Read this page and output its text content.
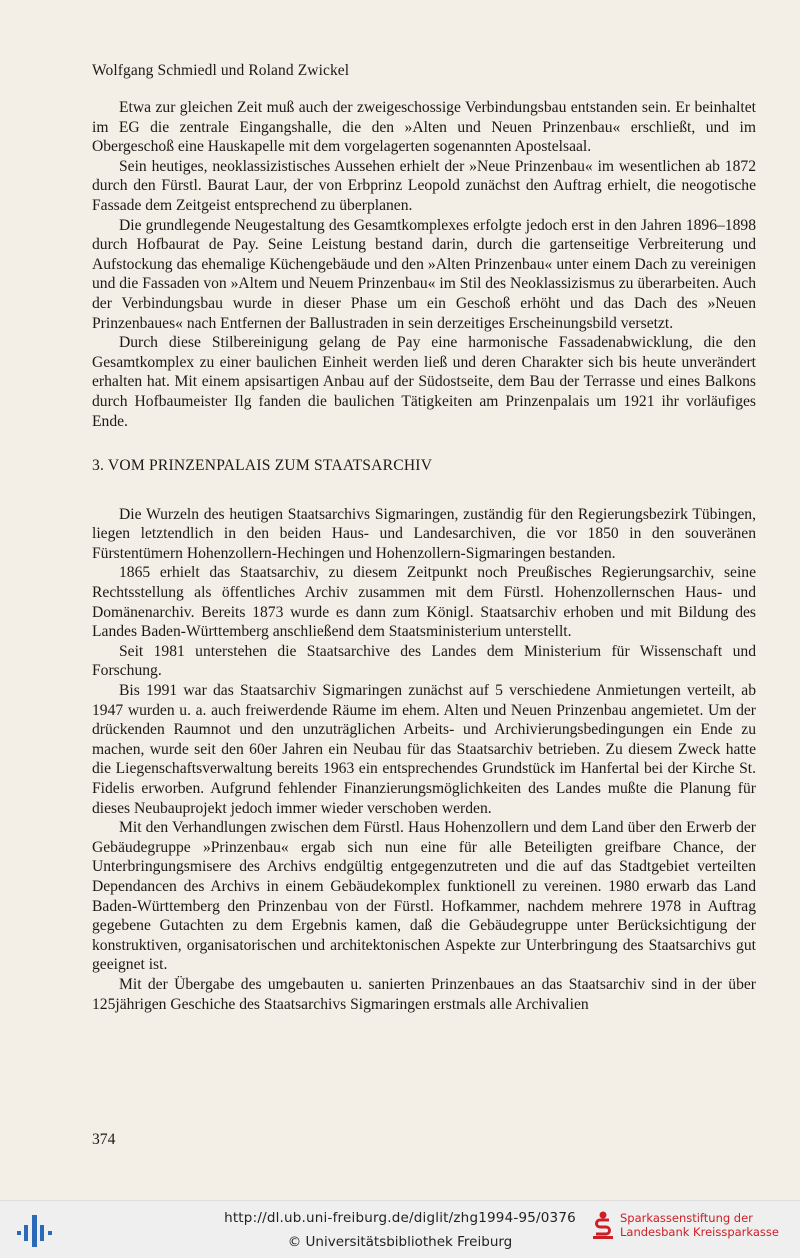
Wolfgang Schmiedl und Roland Zwickel

Etwa zur gleichen Zeit muß auch der zweigeschossige Verbindungsbau entstanden sein. Er beinhaltet im EG die zentrale Eingangshalle, die den »Alten und Neuen Prinzenbau« erschließt, und im Obergeschoß eine Hauskapelle mit dem vorgelagerten sogenannten Apostelsaal.

Sein heutiges, neoklassizistisches Aussehen erhielt der »Neue Prinzenbau« im wesentlichen ab 1872 durch den Fürstl. Baurat Laur, der von Erbprinz Leopold zunächst den Auftrag erhielt, die neogotische Fassade dem Zeitgeist entsprechend zu überplanen.

Die grundlegende Neugestaltung des Gesamtkomplexes erfolgte jedoch erst in den Jahren 1896–1898 durch Hofbaurat de Pay. Seine Leistung bestand darin, durch die gartenseitige Verbreiterung und Aufstockung das ehemalige Küchengebäude und den »Alten Prinzenbau« unter einem Dach zu vereinigen und die Fassaden von »Altem und Neuem Prinzenbau« im Stil des Neoklassizismus zu überarbeiten. Auch der Verbindungsbau wurde in dieser Phase um ein Geschoß erhöht und das Dach des »Neuen Prinzenbaues« nach Entfernen der Ballustraden in sein derzeitiges Erscheinungsbild versetzt.

Durch diese Stilbereinigung gelang de Pay eine harmonische Fassadenabwicklung, die den Gesamtkomplex zu einer baulichen Einheit werden ließ und deren Charakter sich bis heute unverändert erhalten hat. Mit einem apsisartigen Anbau auf der Südostseite, dem Bau der Terrasse und eines Balkons durch Hofbaumeister Ilg fanden die baulichen Tätigkeiten am Prinzenpalais um 1921 ihr vorläufiges Ende.

3. VOM PRINZENPALAIS ZUM STAATSARCHIV

Die Wurzeln des heutigen Staatsarchivs Sigmaringen, zuständig für den Regierungsbezirk Tübingen, liegen letztendlich in den beiden Haus- und Landesarchiven, die vor 1850 in den souveränen Fürstentümern Hohenzollern-Hechingen und Hohenzollern-Sigmaringen bestanden.

1865 erhielt das Staatsarchiv, zu diesem Zeitpunkt noch Preußisches Regierungsarchiv, seine Rechtsstellung als öffentliches Archiv zusammen mit dem Fürstl. Hohenzollernschen Haus- und Domänenarchiv. Bereits 1873 wurde es dann zum Königl. Staatsarchiv erhoben und mit Bildung des Landes Baden-Württemberg anschließend dem Staatsministerium unterstellt.

Seit 1981 unterstehen die Staatsarchive des Landes dem Ministerium für Wissenschaft und Forschung.

Bis 1991 war das Staatsarchiv Sigmaringen zunächst auf 5 verschiedene Anmietungen verteilt, ab 1947 wurden u. a. auch freiwerdende Räume im ehem. Alten und Neuen Prinzenbau angemietet. Um der drückenden Raumnot und den unzuträglichen Arbeits- und Archivierungsbedingungen ein Ende zu machen, wurde seit den 60er Jahren ein Neubau für das Staatsarchiv betrieben. Zu diesem Zweck hatte die Liegenschaftsverwaltung bereits 1963 ein entsprechendes Grundstück im Hanfertal bei der Kirche St. Fidelis erworben. Aufgrund fehlender Finanzierungsmöglichkeiten des Landes mußte die Planung für dieses Neubauprojekt jedoch immer wieder verschoben werden.

Mit den Verhandlungen zwischen dem Fürstl. Haus Hohenzollern und dem Land über den Erwerb der Gebäudegruppe »Prinzenbau« ergab sich nun eine für alle Beteiligten greifbare Chance, der Unterbringungsmisere des Archivs endgültig entgegenzutreten und die auf das Stadtgebiet verteilten Dependancen des Archivs in einem Gebäudekomplex funktionell zu vereinen. 1980 erwarb das Land Baden-Württemberg den Prinzenbau von der Fürstl. Hofkammer, nachdem mehrere 1978 in Auftrag gegebene Gutachten zu dem Ergebnis kamen, daß die Gebäudegruppe unter Berücksichtigung der konstruktiven, organisatorischen und architektonischen Aspekte zur Unterbringung des Staatsarchivs gut geeignet ist.

Mit der Übergabe des umgebauten u. sanierten Prinzenbaues an das Staatsarchiv sind in der über 125jährigen Geschiche des Staatsarchivs Sigmaringen erstmals alle Archivalien

374
http://dl.ub.uni-freiburg.de/diglit/zhg1994-95/0376
© Universitätsbibliothek Freiburg
Sparkassenstiftung der
Landesbank Kreissparkasse
